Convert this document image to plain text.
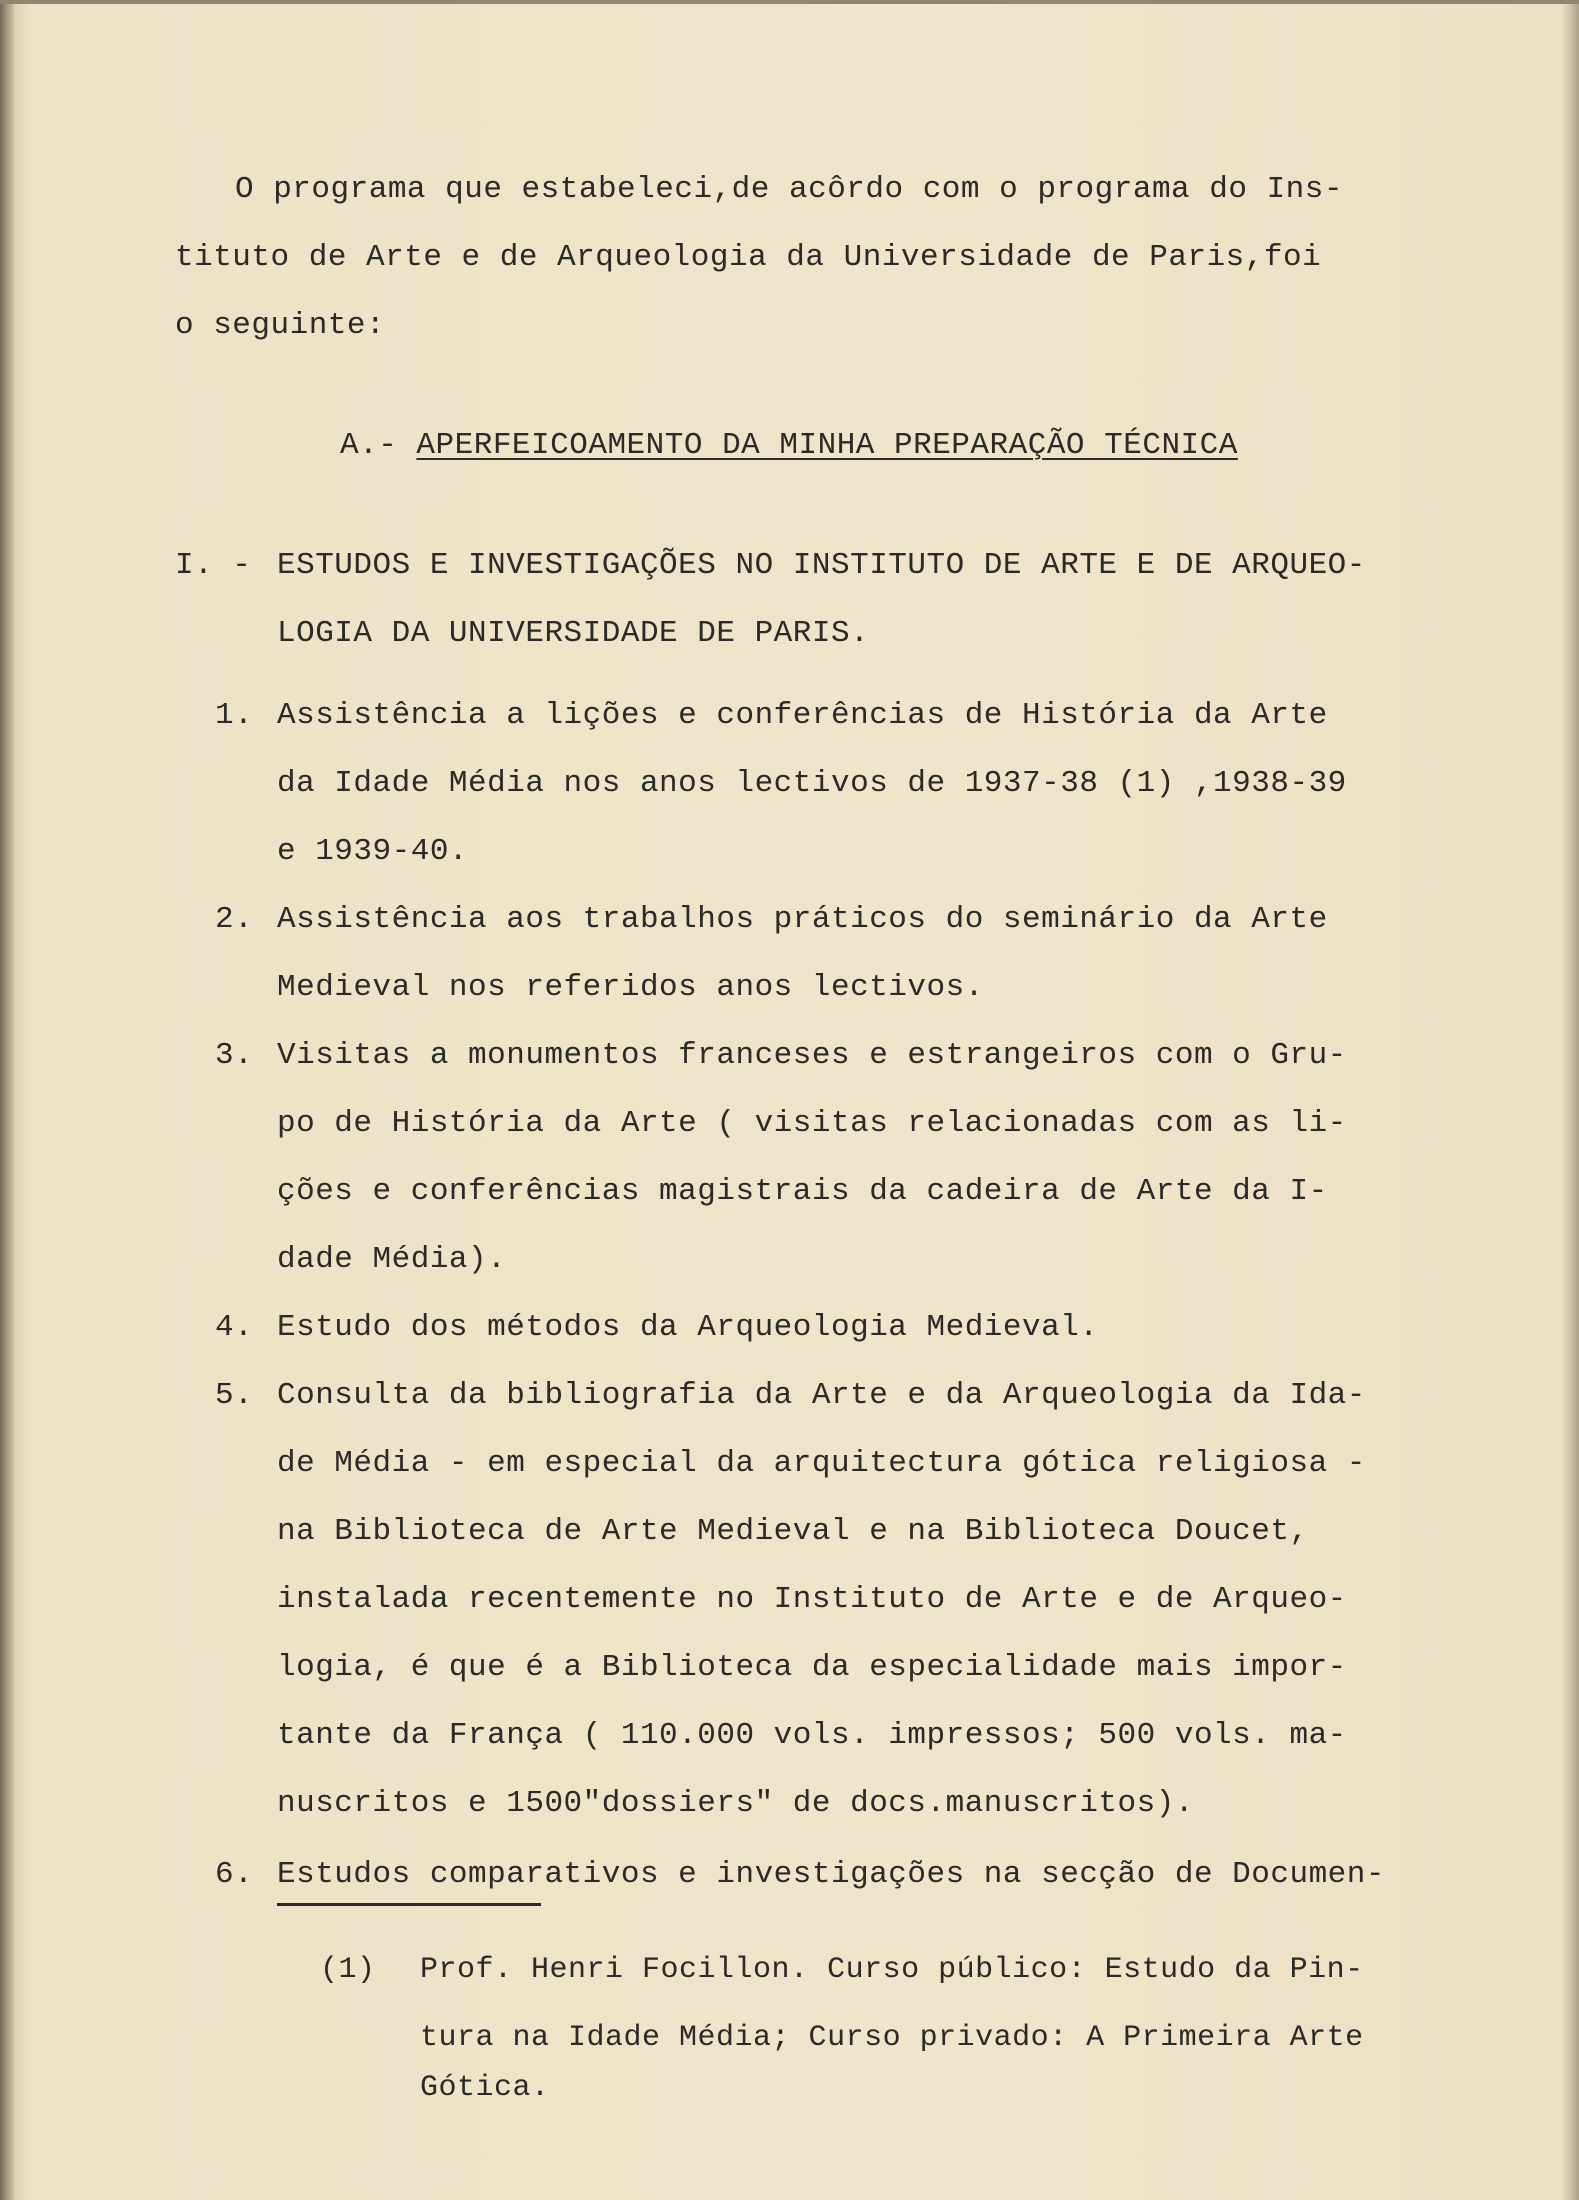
O programa que estabeleci,de acôrdo com o programa do Ins-
tituto de Arte e de Arqueologia da Universidade de Paris,foi
o seguinte:
A.- APERFEICOAMENTO DA MINHA PREPARAÇÃO TÉCNICA
I. - ESTUDOS E INVESTIGAÇÕES NO INSTITUTO DE ARTE E DE ARQUEO-
LOGIA DA UNIVERSIDADE DE PARIS.
1. Assistência a lições e conferências de História da Arte
da Idade Média nos anos lectivos de 1937-38 (1) ,1938-39
e 1939-40.
2. Assistência aos trabalhos práticos do seminário da Arte
Medieval nos referidos anos lectivos.
3. Visitas a monumentos franceses e estrangeiros com o Gru-
po de História da Arte ( visitas relacionadas com as li-
ções e conferências magistrais da cadeira de Arte da I-
dade Média).
4. Estudo dos métodos da Arqueologia Medieval.
5. Consulta da bibliografia da Arte e da Arqueologia da Ida-
de Média - em especial da arquitectura gótica religiosa -
na Biblioteca de Arte Medieval e na Biblioteca Doucet,
instalada recentemente no Instituto de Arte e de Arqueo-
logia, é que é a Biblioteca da especialidade mais impor-
tante da França ( 110.000 vols. impressos; 500 vols. ma-
nuscritos e 1500"dossiers" de docs.manuscritos).
6. Estudos comparativos e investigações na secção de Documen-
(1) Prof. Henri Focillon. Curso público: Estudo da Pin-
tura na Idade Média; Curso privado: A Primeira Arte
Gótica.
